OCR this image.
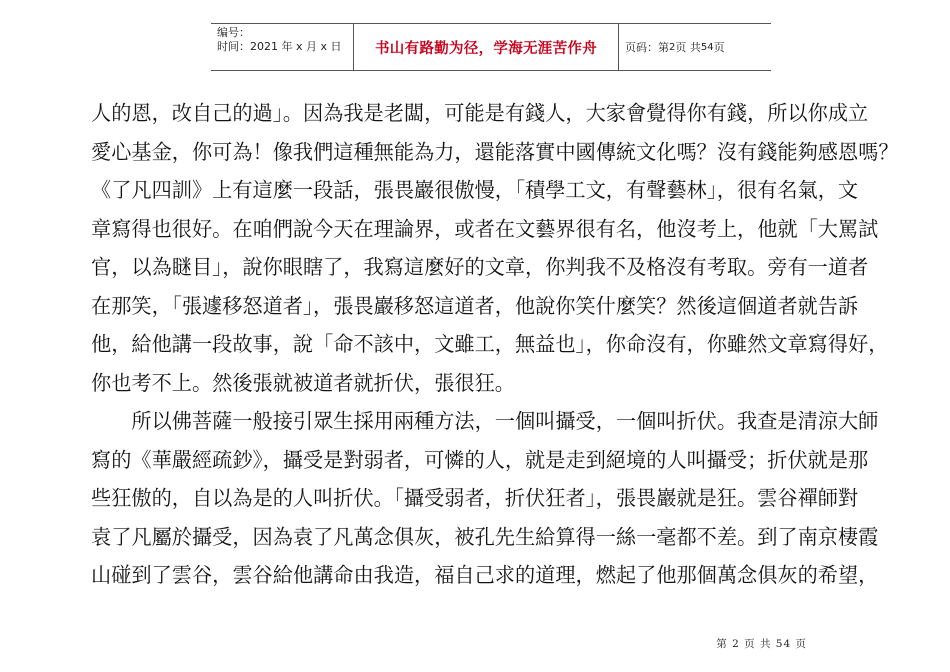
编号：
时间：2021 年 x 月 x 日	书山有路勤为径，学海无涯苦作舟	页码：第 2 页 共 54 页
人的恩，改自己的過」。因為我是老闆，可能是有錢人，大家會覺得你有錢，所以你成立
愛心基金，你可為！像我們這種無能為力，還能落實中國傳統文化嗎？沒有錢能夠感恩嗎？
《了凡四訓》上有這麼一段話，張畏巖很傲慢，「積學工文，有聲藝林」，很有名氣，文
章寫得也很好。在咱們說今天在理論界，或者在文藝界很有名，他沒考上，他就「大罵試
官，以為瞇目」，說你眼瞎了，我寫這麼好的文章，你判我不及格沒有考取。旁有一道者
在那笑，「張遽移怒道者」，張畏巖移怒這道者，他說你笑什麼笑？然後這個道者就告訴
他，給他講一段故事，說「命不該中，文雖工，無益也」，你命沒有，你雖然文章寫得好，
你也考不上。然後張就被道者就折伏，張很狂。
　　所以佛菩薩一般接引眾生採用兩種方法，一個叫攝受，一個叫折伏。我查是清涼大師
寫的《華嚴經疏鈔》，攝受是對弱者，可憐的人，就是走到絕境的人叫攝受；折伏就是那
些狂傲的，自以為是的人叫折伏。「攝受弱者，折伏狂者」，張畏巖就是狂。雲谷禪師對
袁了凡屬於攝受，因為袁了凡萬念俱灰，被孔先生給算得一絲一毫都不差。到了南京棲霞
山碰到了雲谷，雲谷給他講命由我造，福自己求的道理，燃起了他那個萬念俱灰的希望，
第 2 页 共 54 页
